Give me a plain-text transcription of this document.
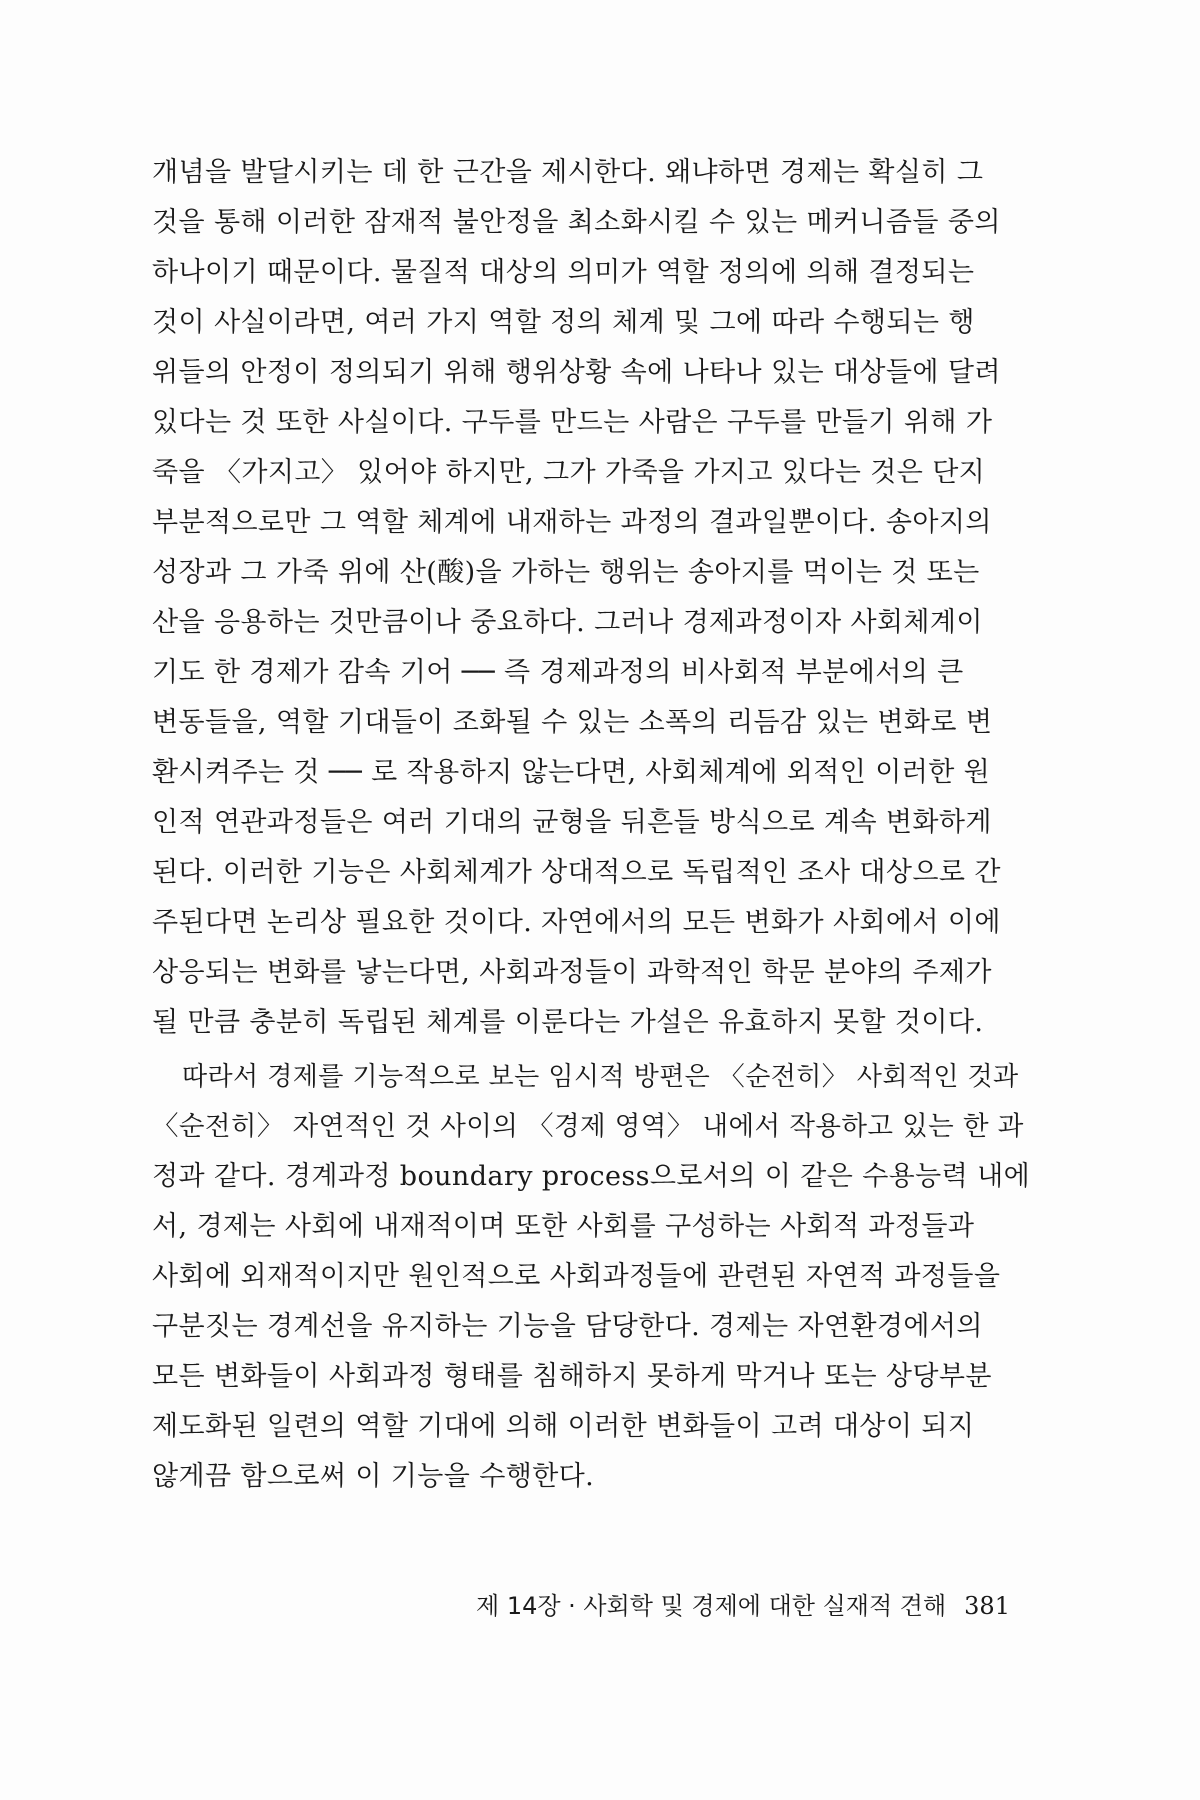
개념을 발달시키는 데 한 근간을 제시한다. 왜냐하면 경제는 확실히 그
것을 통해 이러한 잠재적 불안정을 최소화시킬 수 있는 메커니즘들 중의
하나이기 때문이다. 물질적 대상의 의미가 역할 정의에 의해 결정되는
것이 사실이라면, 여러 가지 역할 정의 체계 및 그에 따라 수행되는 행
위들의 안정이 정의되기 위해 행위상황 속에 나타나 있는 대상들에 달려
있다는 것 또한 사실이다. 구두를 만드는 사람은 구두를 만들기 위해 가
죽을 〈가지고〉 있어야 하지만, 그가 가죽을 가지고 있다는 것은 단지
부분적으로만 그 역할 체계에 내재하는 과정의 결과일뿐이다. 송아지의
성장과 그 가죽 위에 산(酸)을 가하는 행위는 송아지를 먹이는 것 또는
산을 응용하는 것만큼이나 중요하다. 그러나 경제과정이자 사회체계이
기도 한 경제가 감속 기어 ── 즉 경제과정의 비사회적 부분에서의 큰
변동들을, 역할 기대들이 조화될 수 있는 소폭의 리듬감 있는 변화로 변
환시켜주는 것 ── 로 작용하지 않는다면, 사회체계에 외적인 이러한 원
인적 연관과정들은 여러 기대의 균형을 뒤흔들 방식으로 계속 변화하게
된다. 이러한 기능은 사회체계가 상대적으로 독립적인 조사 대상으로 간
주된다면 논리상 필요한 것이다. 자연에서의 모든 변화가 사회에서 이에
상응되는 변화를 낳는다면, 사회과정들이 과학적인 학문 분야의 주제가
될 만큼 충분히 독립된 체계를 이룬다는 가설은 유효하지 못할 것이다.
따라서 경제를 기능적으로 보는 임시적 방편은 〈순전히〉 사회적인 것과
〈순전히〉 자연적인 것 사이의 〈경제 영역〉 내에서 작용하고 있는 한 과
정과 같다. 경계과정 boundary process으로서의 이 같은 수용능력 내에
서, 경제는 사회에 내재적이며 또한 사회를 구성하는 사회적 과정들과
사회에 외재적이지만 원인적으로 사회과정들에 관련된 자연적 과정들을
구분짓는 경계선을 유지하는 기능을 담당한다. 경제는 자연환경에서의
모든 변화들이 사회과정 형태를 침해하지 못하게 막거나 또는 상당부분
제도화된 일련의 역할 기대에 의해 이러한 변화들이 고려 대상이 되지
않게끔 함으로써 이 기능을 수행한다.
제 14장 · 사회학 및 경제에 대한 실재적 견해 381
